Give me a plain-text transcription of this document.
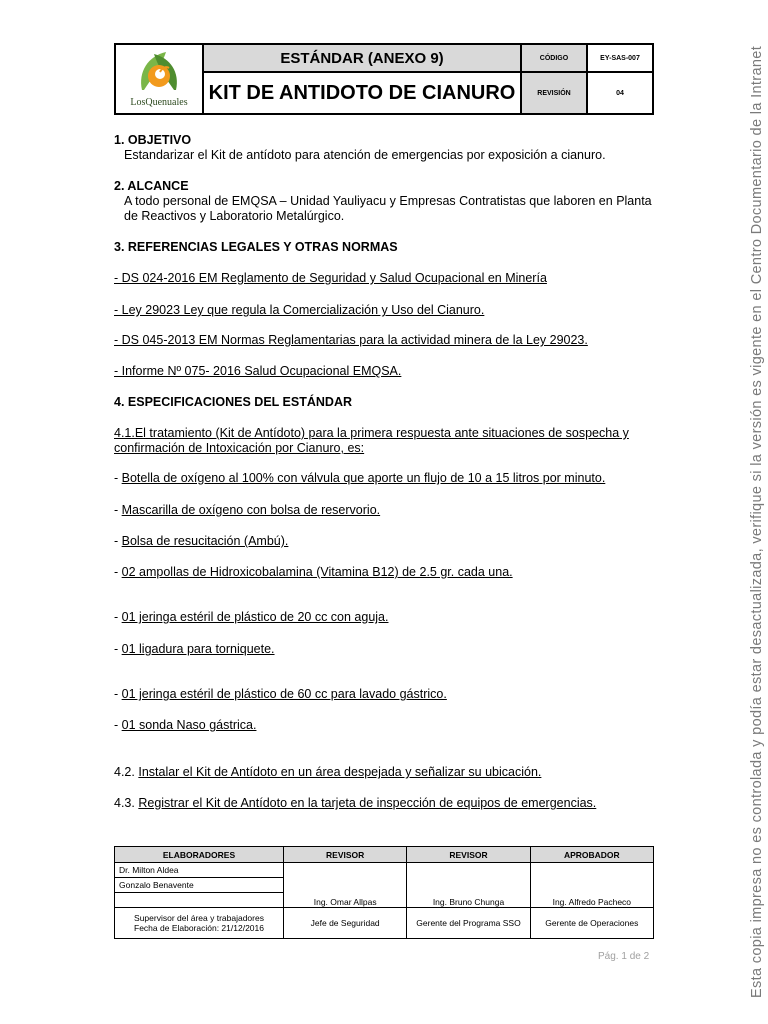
LosQuenuales	ESTÁNDAR (ANEXO 9)	CÓDIGO	EY-SAS-007
	KIT DE ANTIDOTO DE CIANURO	REVISIÓN	04

1. OBJETIVO

Estandarizar el Kit de antídoto para atención de emergencias por exposición a cianuro.

2. ALCANCE

A todo personal de EMQSA – Unidad Yauliyacu y Empresas Contratistas que laboren en Planta de Reactivos y Laboratorio Metalúrgico.

3. REFERENCIAS LEGALES Y OTRAS NORMAS

- DS 024-2016 EM Reglamento de Seguridad y Salud Ocupacional en Minería

- Ley 29023 Ley que regula la Comercialización y Uso del Cianuro.

- DS 045-2013 EM Normas Reglamentarias para la actividad minera de la Ley 29023.

- Informe Nº 075- 2016 Salud Ocupacional EMQSA.

4. ESPECIFICACIONES DEL ESTÁNDAR

4.1.El tratamiento (Kit de Antídoto) para la primera respuesta ante situaciones de sospecha y confirmación de Intoxicación por Cianuro, es:

- Botella de oxígeno al 100% con válvula que aporte un flujo de 10 a 15 litros por minuto.

- Mascarilla de oxígeno con bolsa de reservorio.

- Bolsa de resucitación (Ambú).

- 02 ampollas de Hidroxicobalamina (Vitamina B12) de 2.5 gr. cada una.

- 01 jeringa estéril de plástico de 20 cc con aguja.

- 01 ligadura para torniquete.

- 01 jeringa estéril de plástico de 60 cc para lavado gástrico.

- 01 sonda Naso gástrica.

4.2. Instalar el Kit de Antídoto en un área despejada y señalizar su ubicación.

4.3. Registrar el Kit de Antídoto en la tarjeta de inspección de equipos de emergencias.

ELABORADORES	REVISOR	REVISOR	APROBADOR
Dr. Milton Aldea	Ing. Omar Allpas	Ing. Bruno Chunga	Ing. Alfredo Pacheco
Gonzalo Benavente			

Supervisor del área y trabajadores
Fecha de Elaboración: 21/12/2016	Jefe de Seguridad	Gerente del Programa SSO	Gerente de Operaciones
Pág. 1 de 2	Esta copia impresa no es controlada y podía estar desactualizada, verifique si la versión es vigente en el Centro Documentario de la Intranet
